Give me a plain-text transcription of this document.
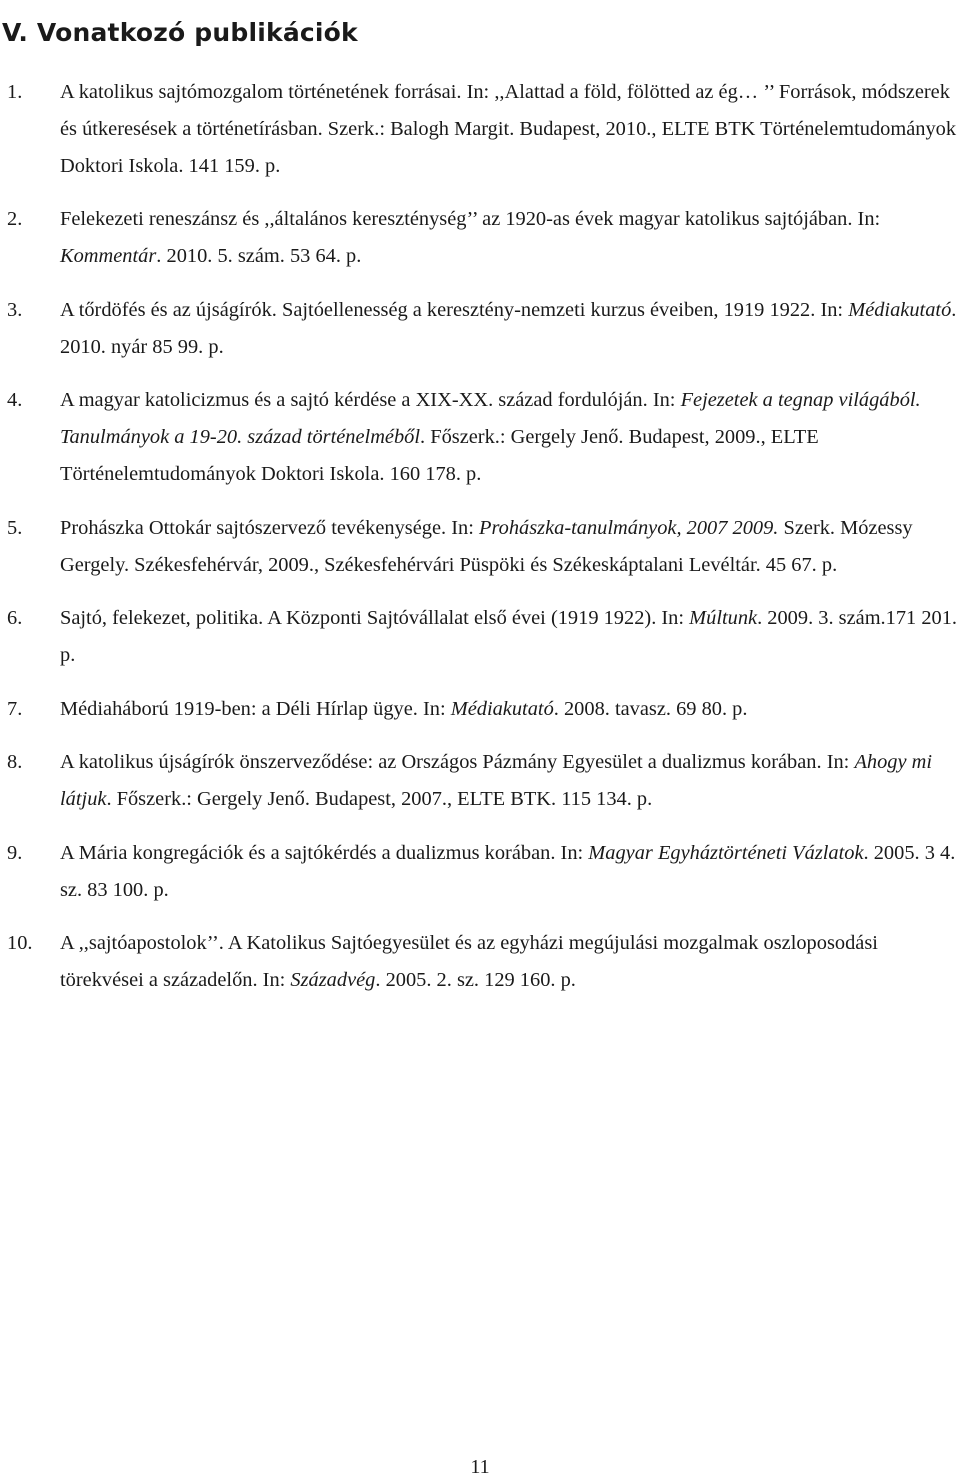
V. Vonatkozó publikációk
1. A katolikus sajtómozgalom történetének forrásai. In: ,,Alattad a föld, fölötted az ég… ’’ Források, módszerek és útkeresések a történetírásban. Szerk.: Balogh Margit. Budapest, 2010., ELTE BTK Történelemtudományok Doktori Iskola. 141 159. p.
2. Felekezeti reneszánsz és ,,általános kereszténység’’ az 1920-as évek magyar katolikus sajtójában. In: Kommentár. 2010. 5. szám. 53 64. p.
3. A tőrdöfés és az újságírók. Sajtóellenesség a keresztény-nemzeti kurzus éveiben, 1919 1922. In: Médiakutató. 2010. nyár 85 99. p.
4. A magyar katolicizmus és a sajtó kérdése a XIX-XX. század fordulóján. In: Fejezetek a tegnap világából. Tanulmányok a 19-20. század történelméből. Főszerk.: Gergely Jenő. Budapest, 2009., ELTE Történelemtudományok Doktori Iskola. 160 178. p.
5. Prohászka Ottokár sajtószervező tevékenysége. In: Prohászka-tanulmányok, 2007 2009. Szerk. Mózessy Gergely. Székesfehérvár, 2009., Székesfehérvári Püspöki és Székeskáptalani Levéltár. 45 67. p.
6. Sajtó, felekezet, politika. A Központi Sajtóvállalat első évei (1919 1922). In: Múltunk. 2009. 3. szám.171 201. p.
7. Médiaháború 1919-ben: a Déli Hírlap ügye. In: Médiakutató. 2008. tavasz. 69 80. p.
8. A katolikus újságírók önszerveződése: az Országos Pázmány Egyesület a dualizmus korában. In: Ahogy mi látjuk. Főszerk.: Gergely Jenő. Budapest, 2007., ELTE BTK. 115 134. p.
9. A Mária kongregációk és a sajtókérdés a dualizmus korában. In: Magyar Egyháztörténeti Vázlatok. 2005. 3 4. sz. 83 100. p.
10. A ,,sajtóapostolok’’. A Katolikus Sajtóegyesület és az egyházi megújulási mozgalmak oszloposodási törekvései a századelőn. In: Századvég. 2005. 2. sz. 129 160. p.
11
